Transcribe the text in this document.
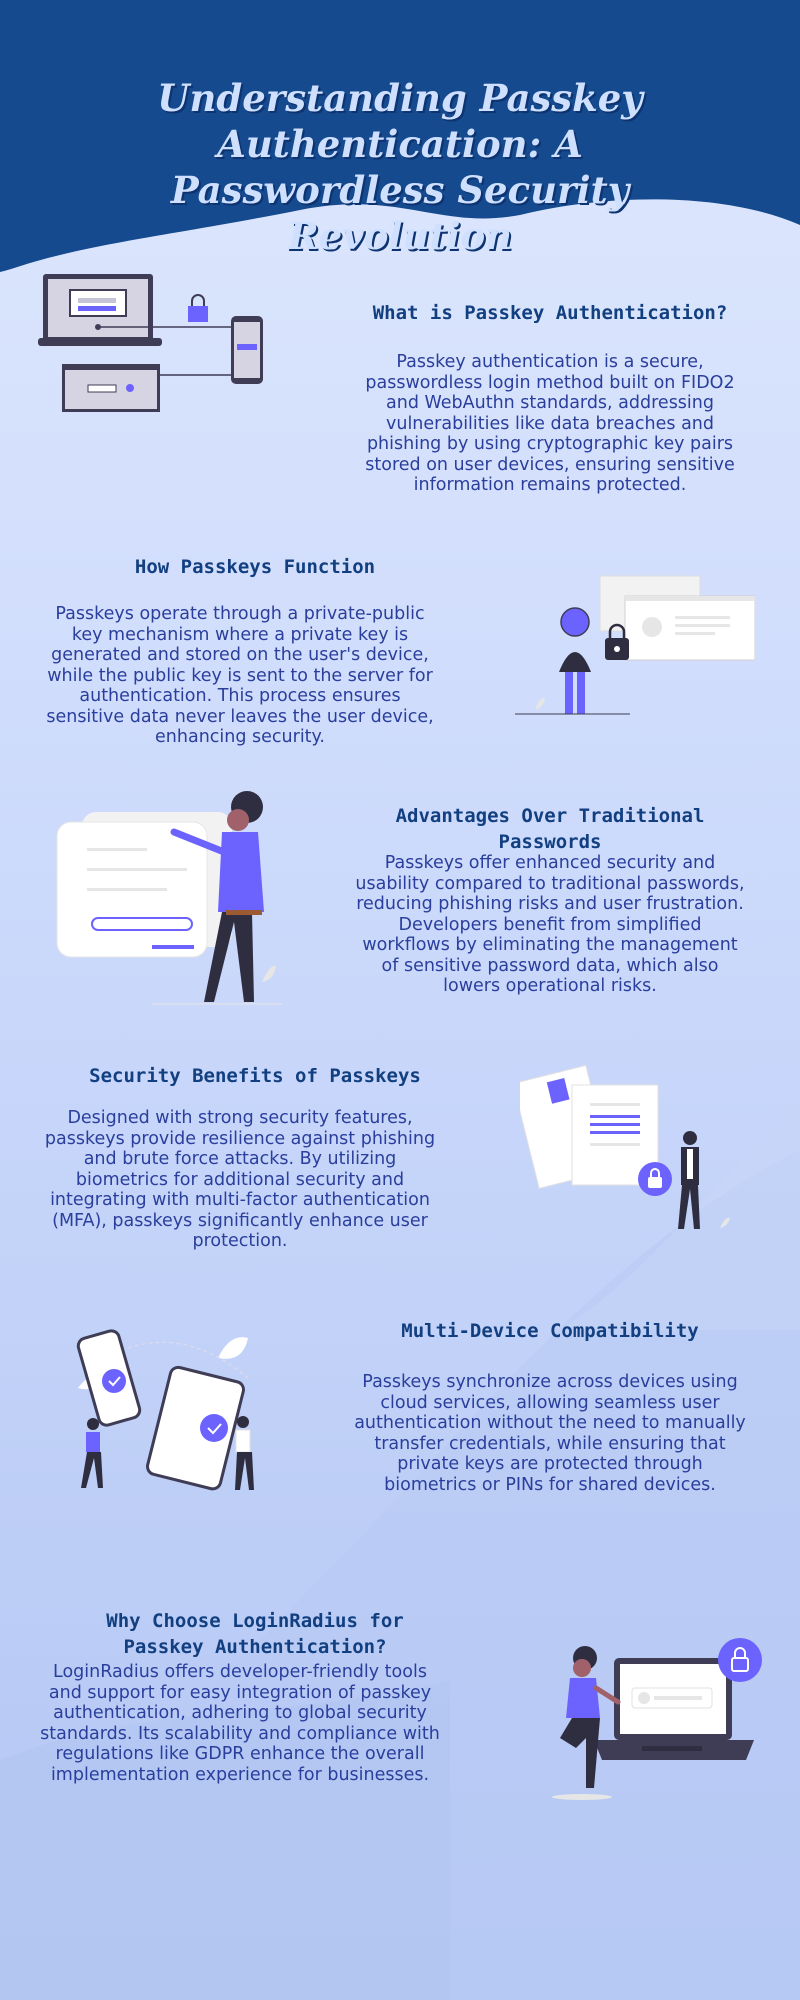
Understanding Passkey Authentication: A Passwordless Security Revolution
What is Passkey Authentication?
Passkey authentication is a secure, passwordless login method built on FIDO2 and WebAuthn standards, addressing vulnerabilities like data breaches and phishing by using cryptographic key pairs stored on user devices, ensuring sensitive information remains protected.
How Passkeys Function
Passkeys operate through a private-public key mechanism where a private key is generated and stored on the user's device, while the public key is sent to the server for authentication. This process ensures sensitive data never leaves the user device, enhancing security.
Advantages Over Traditional Passwords
Passkeys offer enhanced security and usability compared to traditional passwords, reducing phishing risks and user frustration. Developers benefit from simplified workflows by eliminating the management of sensitive password data, which also lowers operational risks.
Security Benefits of Passkeys
Designed with strong security features, passkeys provide resilience against phishing and brute force attacks. By utilizing biometrics for additional security and integrating with multi-factor authentication (MFA), passkeys significantly enhance user protection.
Multi-Device Compatibility
Passkeys synchronize across devices using cloud services, allowing seamless user authentication without the need to manually transfer credentials, while ensuring that private keys are protected through biometrics or PINs for shared devices.
Why Choose LoginRadius for Passkey Authentication?
LoginRadius offers developer-friendly tools and support for easy integration of passkey authentication, adhering to global security standards. Its scalability and compliance with regulations like GDPR enhance the overall implementation experience for businesses.
